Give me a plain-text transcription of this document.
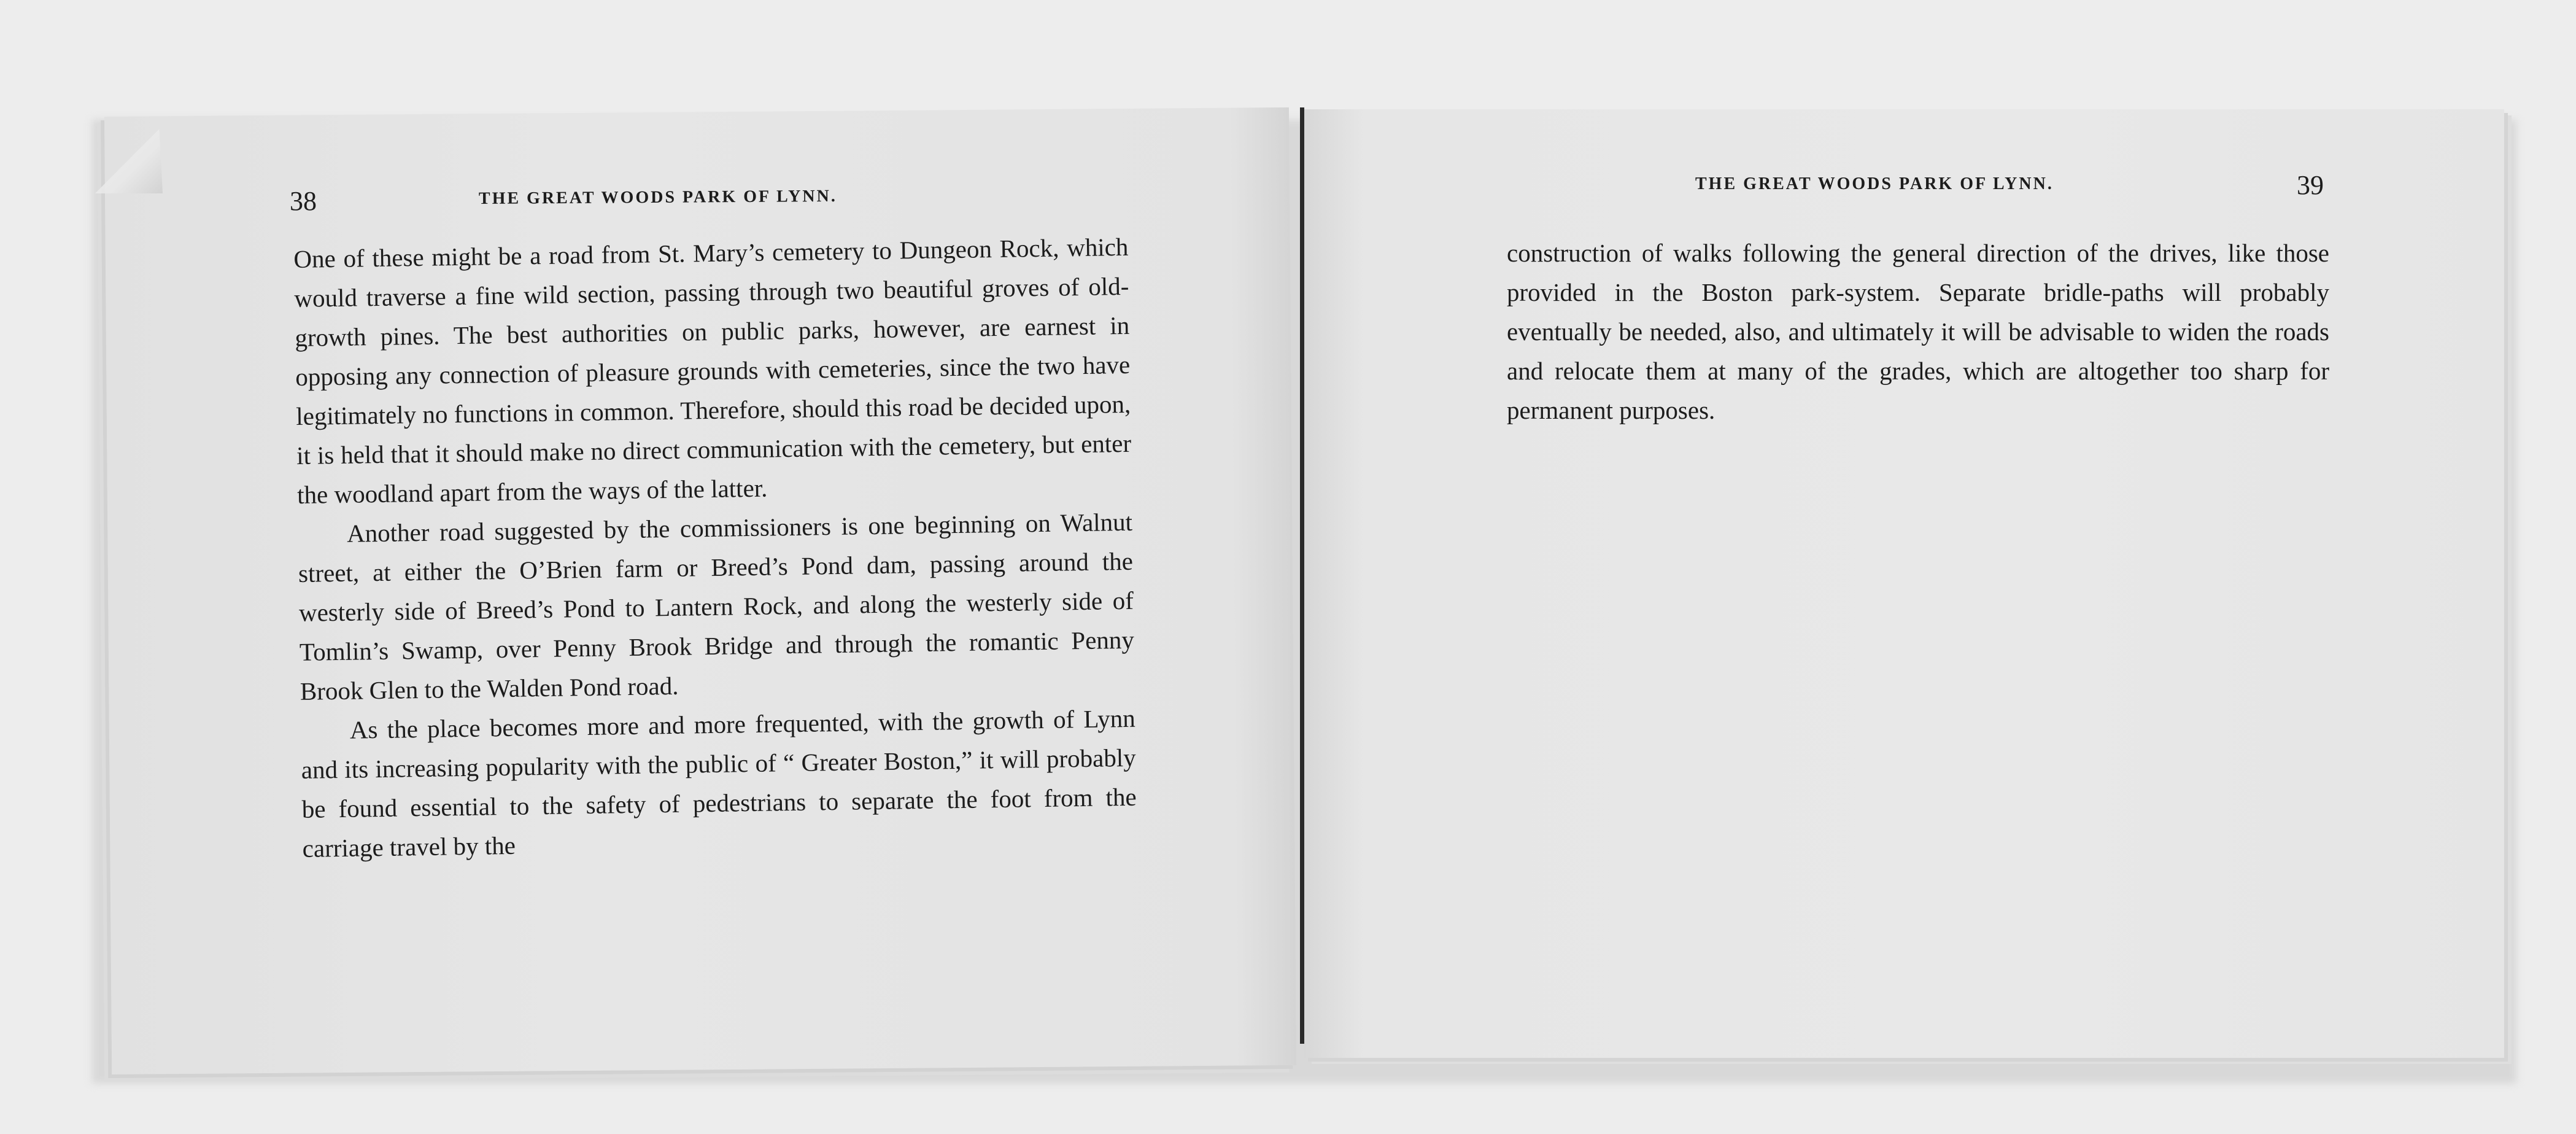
38	THE GREAT WOODS PARK OF LYNN.

One of these might be a road from St. Mary’s cemetery to Dungeon Rock, which would traverse a fine wild section, passing through two beautiful groves of old-growth pines. The best authorities on public parks, however, are earnest in opposing any connection of pleasure grounds with cemeteries, since the two have legitimately no functions in common. Therefore, should this road be decided upon, it is held that it should make no direct communication with the cemetery, but enter the woodland apart from the ways of the latter.

Another road suggested by the commissioners is one beginning on Walnut street, at either the O’Brien farm or Breed’s Pond dam, passing around the westerly side of Breed’s Pond to Lantern Rock, and along the westerly side of Tomlin’s Swamp, over Penny Brook Bridge and through the romantic Penny Brook Glen to the Walden Pond road.

As the place becomes more and more frequented, with the growth of Lynn and its increasing popularity with the public of “ Greater Boston,” it will probably be found essential to the safety of pedestrians to separate the foot from the carriage travel by the

THE GREAT WOODS PARK OF LYNN.	39

construction of walks following the general direction of the drives, like those provided in the Boston park-system. Separate bridle-paths will probably eventually be needed, also, and ultimately it will be advisable to widen the roads and relocate them at many of the grades, which are altogether too sharp for permanent purposes.
